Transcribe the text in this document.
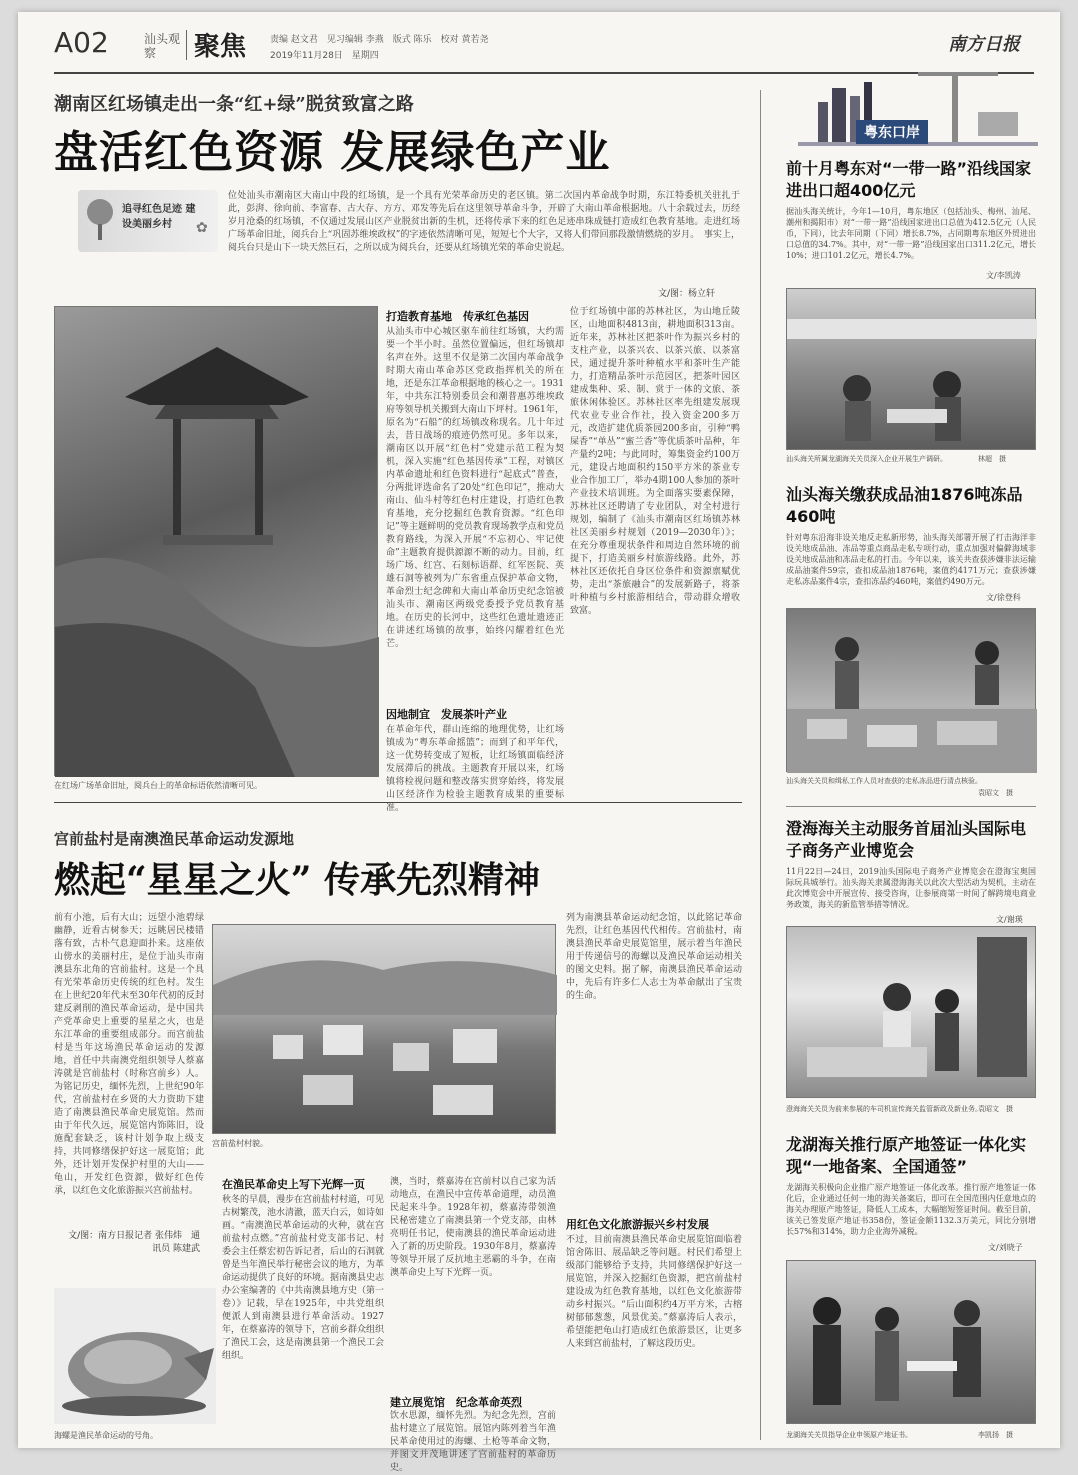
A02	汕头观察	聚焦	责编 赵文君　见习编辑 李燕　版式 陈乐　校对 黄若尧
2019年11月28日　星期四
南方日报
潮南区红场镇走出一条“红+绿”脱贫致富之路
盘活红色资源 发展绿色产业
追寻红色足迹 建设美丽乡村	✿
位处汕头市潮南区大南山中段的红场镇，是一个具有光荣革命历史的老区镇。第二次国内革命战争时期，东江特委机关驻扎于此，彭湃、徐向前、李富春、古大存、方方、邓发等先后在这里领导革命斗争，开辟了大南山革命根据地。八十余载过去，历经岁月沧桑的红场镇，不仅通过发展山区产业脱贫出新的生机，还将传承下来的红色足迹串珠成链打造成红色教育基地。走进红场广场革命旧址，阅兵台上“巩固苏维埃政权”的字迹依然清晰可见，短短七个大字，又将人们带回那段激情燃烧的岁月。　事实上，阅兵台只是山下一块天然巨石，之所以成为阅兵台，还要从红场镇光荣的革命史说起。
文/图：杨立轩
在红场广场革命旧址，阅兵台上的革命标语依然清晰可见。
打造教育基地　传承红色基因
从汕头市中心城区驱车前往红场镇，大约需要一个半小时。虽然位置偏远，但红场镇却名声在外。这里不仅是第二次国内革命战争时期大南山革命苏区党政指挥机关的所在地，还是东江革命根据地的核心之一。1931年，中共东江特别委员会和潮普惠苏维埃政府等领导机关搬到大南山下坪村。1961年，原名为“石船”的红场镇改称现名。几十年过去，昔日战场的痕迹仍然可见。多年以来，潮南区以开展“红色村”党建示范工程为契机，深入实施“红色基因传承”工程，对镇区内革命遗址和红色资料进行“起底式”普查，分两批评选命名了20处“红色印记”，推动大南山、仙斗村等红色村庄建设，打造红色教育基地，充分挖掘红色教育资源。“红色印记”等主题鲜明的党员教育现场教学点和党员教育路线，为深入开展“不忘初心、牢记使命”主题教育提供源源不断的动力。目前，红场广场、红宫、石刻标语群、红军医院、英雄石洞等被列为广东省重点保护革命文物，革命烈士纪念碑和大南山革命历史纪念馆被汕头市、潮南区两级党委授予党员教育基地。在历史的长河中，这些红色遗址遗迹正在讲述红场镇的故事，始终闪耀着红色光芒。
因地制宜　发展茶叶产业
在革命年代，群山连绵的地理优势，让红场镇成为“粤东革命摇篮”；而到了和平年代，这一优势转变成了短板，让红场镇面临经济发展滞后的挑战。主题教育开展以来，红场镇将检视问题和整改落实贯穿始终，将发展山区经济作为检验主题教育成果的重要标准。
位于红场镇中部的苏林社区，为山地丘陵区，山地面积4813亩，耕地面积313亩。近年来，苏林社区把茶叶作为振兴乡村的支柱产业，以茶兴农、以茶兴旅、以茶富民，通过提升茶叶种植水平和茶叶生产能力，打造精品茶叶示范园区，把茶叶园区建成集种、采、制、赏于一体的文旅、茶旅休闲体验区。苏林社区率先组建发展现代农业专业合作社，投入资金200多万元，改造扩建优质茶园200多亩，引种“鸭屎香”“单丛”“蜜兰香”等优质茶叶品种，年产量约2吨；与此同时，筹集资金约100万元，建设占地面积约150平方米的茶业专业合作加工厂，举办4期100人参加的茶叶产业技术培训班。为全面落实要素保障，苏林社区还聘请了专业团队，对全村进行规划，编制了《汕头市潮南区红场镇苏林社区美丽乡村规划（2019—2030年）》；在充分尊重现状条件和周边自然环境的前提下，打造美丽乡村旅游线路。此外，苏林社区还依托自身区位条件和资源禀赋优势，走出“茶旅融合”的发展新路子，将茶叶种植与乡村旅游相结合，带动群众增收致富。
宫前盐村是南澳渔民革命运动发源地
燃起“星星之火” 传承先烈精神
前有小池，后有大山；远望小池碧绿幽静，近看古树参天；远眺居民楼错落有致，古朴气息迎面扑来。这座依山傍水的美丽村庄，是位于汕头市南澳县东北角的宫前盐村。这是一个具有光荣革命历史传统的红色村。发生在上世纪20年代末至30年代初的反封建反剥削的渔民革命运动，是中国共产党革命史上重要的星星之火，也是东江革命的重要组成部分。而宫前盐村是当年这场渔民革命运动的发源地，首任中共南澳党组织领导人蔡嘉涛就是宫前盐村（时称宫前乡）人。为铭记历史，缅怀先烈，上世纪90年代，宫前盐村在乡贤的大力资助下建造了南澳县渔民革命史展览馆。然而由于年代久远，展览馆内饰陈旧，设施配套缺乏，该村计划争取上级支持，共同修缮保护好这一展览馆；此外，还计划开发保护村里的大山——龟山，开发红色资源，做好红色传承，以红色文化旅游振兴宫前盐村。
文/图：南方日报记者 张伟炜　通讯员 陈建武
宫前盐村村貌。
海螺是渔民革命运动的号角。
在渔民革命史上写下光辉一页
秋冬的早晨，漫步在宫前盐村村道，可见古树繁茂，池水清澈，蓝天白云，如诗如画。“南澳渔民革命运动的火种，就在宫前盐村点燃。”宫前盐村党支部书记、村委会主任蔡宏初告诉记者，后山的石洞就曾是当年渔民举行秘密会议的地方，为革命运动提供了良好的环境。据南澳县史志办公室编著的《中共南澳县地方史（第一卷）》记载，早在1925年，中共党组织便派人到南澳县进行革命活动。1927年，在蔡嘉涛的领导下，宫前乡群众组织了渔民工会，这是南澳县第一个渔民工会组织。
澳，当时，蔡嘉涛在宫前村以自己家为活动地点，在渔民中宣传革命道理，动员渔民起来斗争。1928年初，蔡嘉涛带领渔民秘密建立了南澳县第一个党支部，由林亮明任书记，使南澳县的渔民革命运动进入了新的历史阶段。1930年8月，蔡嘉涛等领导开展了反抗地主恶霸的斗争，在南澳革命史上写下光辉一页。
建立展览馆　纪念革命英烈
饮水思源，缅怀先烈。为纪念先烈，宫前盐村建立了展览馆。展馆内陈列着当年渔民革命使用过的海螺、土枪等革命文物，并图文并茂地讲述了宫前盐村的革命历史。
列为南澳县革命运动纪念馆，以此铭记革命先烈，让红色基因代代相传。宫前盐村，南澳县渔民革命史展览馆里，展示着当年渔民用于传递信号的海螺以及渔民革命运动相关的图文史料。据了解，南澳县渔民革命运动中，先后有许多仁人志士为革命献出了宝贵的生命。
用红色文化旅游振兴乡村发展
不过，目前南澳县渔民革命史展览馆面临着馆舍陈旧、展品缺乏等问题。村民们希望上级部门能够给予支持，共同修缮保护好这一展览馆，并深入挖掘红色资源，把宫前盐村建设成为红色教育基地，以红色文化旅游带动乡村振兴。“后山面积约4万平方米，古榕树郁郁葱葱，风景优美。”蔡嘉涛后人表示，希望能把龟山打造成红色旅游景区，让更多人来到宫前盐村，了解这段历史。
粤东口岸
前十月粤东对“一带一路”沿线国家进出口超400亿元
据汕头海关统计，今年1—10月，粤东地区（包括汕头、梅州、汕尾、潮州和揭阳市）对“一带一路”沿线国家进出口总值为412.5亿元（人民币，下同），比去年同期（下同）增长8.7%，占同期粤东地区外贸进出口总值的34.7%。其中，对“一带一路”沿线国家出口311.2亿元，增长10%；进口101.2亿元，增长4.7%。
文/李凯涛
汕头海关所属龙湖海关关员深入企业开展生产调研。	林超　摄
汕头海关缴获成品油1876吨冻品460吨
针对粤东沿海非设关地反走私新形势，汕头海关部署开展了打击海洋非设关地成品油、冻品等重点商品走私专项行动，重点加强对偏僻海域非设关地成品油和冻品走私的打击。今年以来，该关共查获涉嫌非法运输成品油案件59宗，查扣成品油1876吨，案值约4171万元；查获涉嫌走私冻品案件4宗，查扣冻品约460吨，案值约490万元。
文/徐登科
汕头海关关员和缉私工作人员对查获的走私冻品进行清点核验。
袁昭文　摄
澄海海关主动服务首届汕头国际电子商务产业博览会
11月22日—24日，2019汕头国际电子商务产业博览会在澄海宝奥国际玩具城举行。汕头海关隶属澄海海关以此次大型活动为契机，主动在此次博览会中开展宣传、接受咨询，让参展商第一时间了解跨境电商业务政策，海关的新监管举措等情况。
文/谢瑛
澄海海关关员为前来参展的车司机宣传海关监管新政及新业务。
袁昭文　摄
龙湖海关推行原产地签证一体化实现“一地备案、全国通签”
龙湖海关积极向企业推广原产地签证一体化改革。推行原产地签证一体化后，企业通过任何一地的海关备案后，即可在全国范围内任意地点的海关办理原产地签证，降低人工成本，大幅缩短签证时间。截至目前，该关已签发原产地证书358份，签证金额1132.3万美元，同比分别增长57%和314%，助力企业海外减税。
文/刘晓子
龙湖海关关员指导企业申领原产地证书。	李凯扬　摄
